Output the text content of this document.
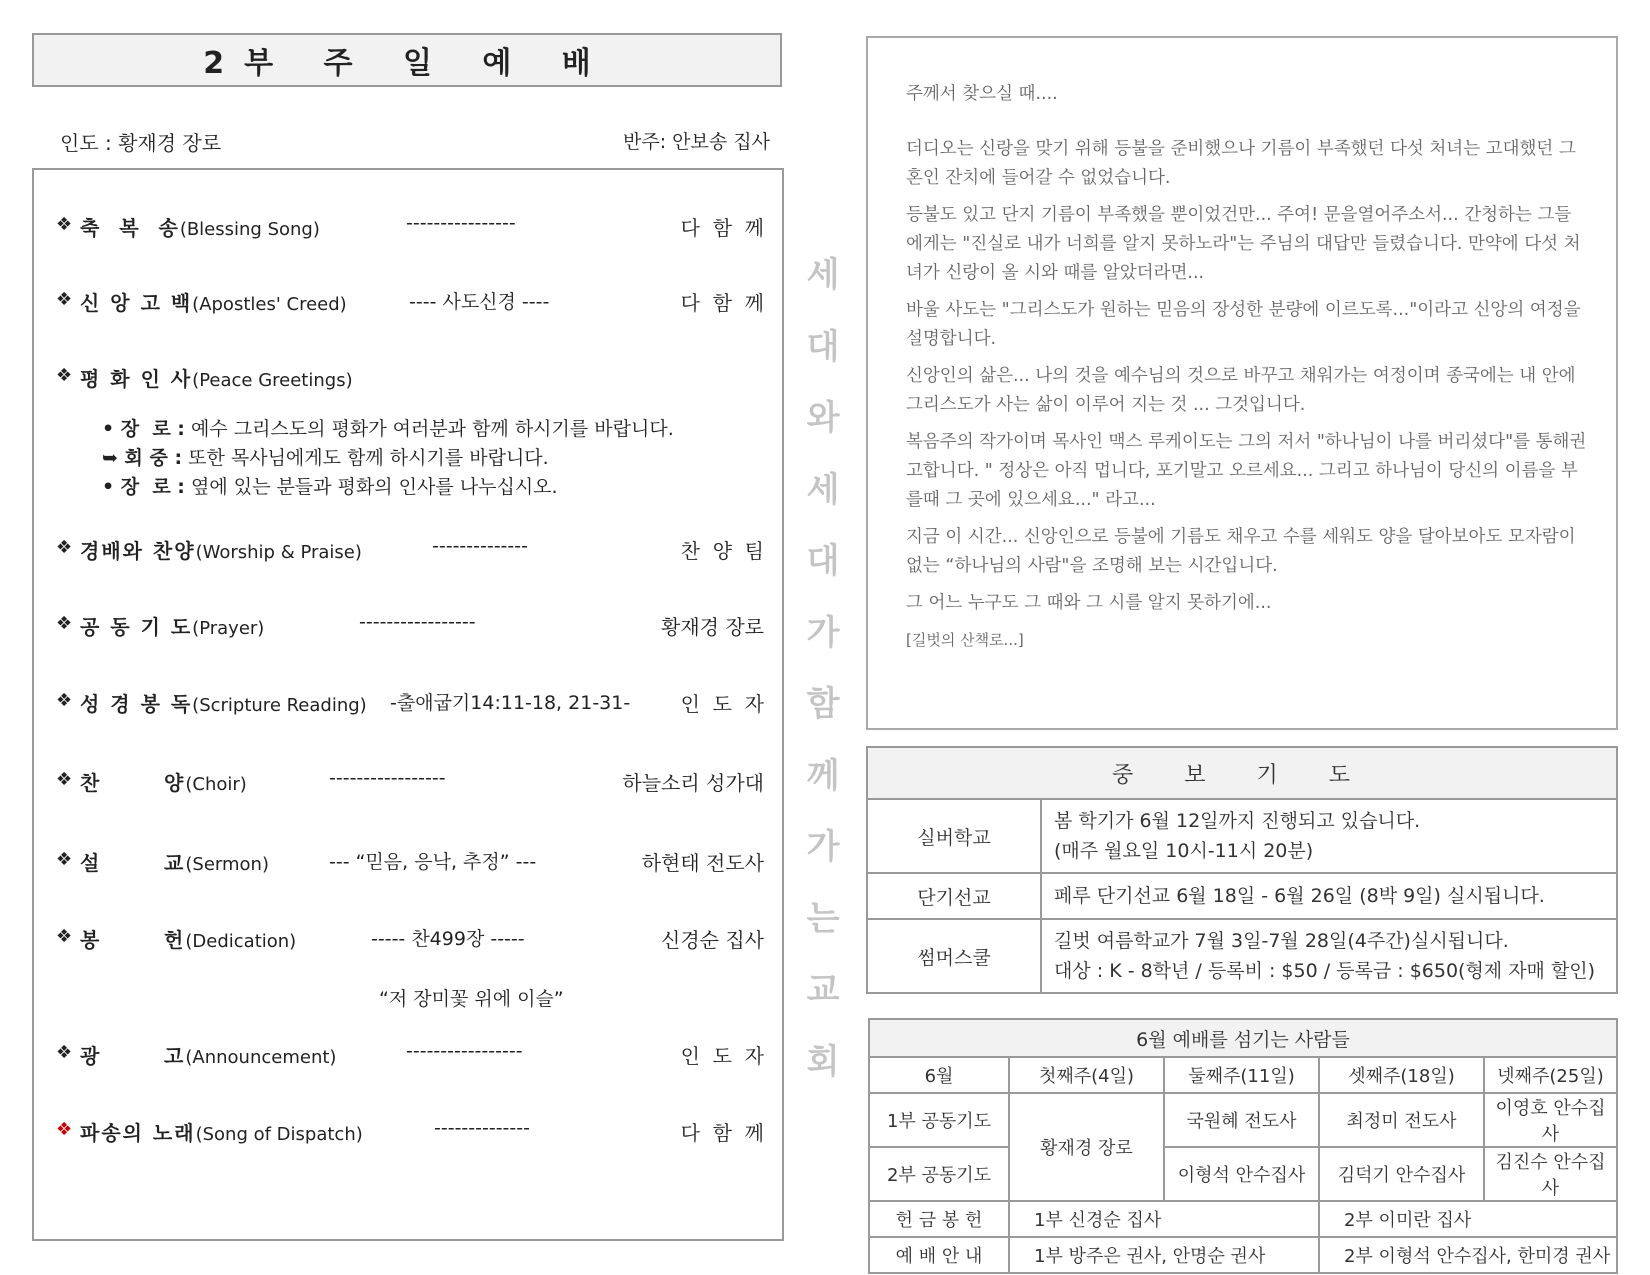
2부 주 일 예 배
인도 : 황재경 장로	반주: 안보송 집사
❖ 축  복  송(Blessing Song)	----------------	다  함  께
❖ 신 앙 고 백(Apostles' Creed)	---- 사도신경 ----	다  함  께
❖ 평 화 인 사(Peace Greetings)
• 장  로 : 예수 그리스도의 평화가 여러분과 함께 하시기를 바랍니다.
➥ 회 중 : 또한 목사님에게도 함께 하시기를 바랍니다.
• 장  로 : 옆에 있는 분들과 평화의 인사를 나누십시오.
❖ 경배와 찬양(Worship & Praise)	--------------	찬  양  팀
❖ 공 동 기 도(Prayer)	-----------------	황재경 장로
❖ 성 경 봉 독(Scripture Reading) -출애굽기14:11-18, 21-31-	인  도  자
❖ 찬       양(Choir)	-----------------	하늘소리 성가대
❖ 설       교(Sermon)	--- “믿음, 응낙, 추정” ---	하현태 전도사
❖ 봉       헌(Dedication)	----- 찬499장 -----	신경순 집사
“저 장미꽃 위에 이슬”
❖ 광       고(Announcement)	-----------------	인  도  자
❖ 파송의 노래(Song of Dispatch)	--------------	다  함  께
세
대
와
세
대
가
함
께
가
는
교
회

주께서 찾으실 때....

더디오는 신랑을 맞기 위해 등불을 준비했으나 기름이 부족했던 다섯 처녀는 고대했던 그 혼인 잔치에 들어갈 수 없었습니다.

등불도 있고 단지 기름이 부족했을 뿐이었건만... 주여! 문을열어주소서... 간청하는 그들에게는 "진실로 내가 너희를 알지 못하노라"는 주님의 대답만 들렸습니다. 만약에 다섯 처녀가 신랑이 올 시와 때를 알았더라면...

바울 사도는 "그리스도가 원하는 믿음의 장성한 분량에 이르도록..."이라고 신앙의 여정을 설명합니다.

신앙인의 삶은... 나의 것을 예수님의 것으로 바꾸고 채워가는 여정이며 종국에는 내 안에 그리스도가 사는 삶이 이루어 지는 것 ... 그것입니다.

복음주의 작가이며 목사인 맥스 루케이도는 그의 저서 "하나님이 나를 버리셨다"를 통해권고합니다. " 정상은 아직 멉니다, 포기말고 오르세요... 그리고 하나님이 당신의 이름을 부를때 그 곳에 있으세요..." 라고...

지금 이 시간... 신앙인으로 등불에 기름도 채우고 수를 세워도 양을 달아보아도 모자람이 없는 “하나님의 사람"을 조명해 보는 시간입니다.

그 어느 누구도 그 때와 그 시를 알지 못하기에...

[길벗의 산책로...]

중 보 기 도	
실버학교	봄 학기가 6월 12일까지 진행되고 있습니다.
(매주 월요일 10시-11시 20분)

단기선교	페루 단기선교 6월 18일 - 6월 26일 (8박 9일) 실시됩니다.

썸머스쿨	길벗 여름학교가 7월 3일-7월 28일(4주간)실시됩니다.
대상 : K - 8학년 / 등록비 : $50 / 등록금 : $650(형제 자매 할인)
6월 예배를 섬기는 사람들				
6월	첫째주(4일)	둘째주(11일)	셋째주(18일)	넷째주(25일)
1부 공동기도	황재경 장로	국원혜 전도사	최정미 전도사	이영호 안수집사
2부 공동기도		이형석 안수집사	김덕기 안수집사	김진수 안수집사
헌 금 봉 헌	1부 신경순 집사		2부 이미란 집사	
예 배 안 내	1부 방주은 권사, 안명순 권사		2부 이형석 안수집사, 한미경 권사	
